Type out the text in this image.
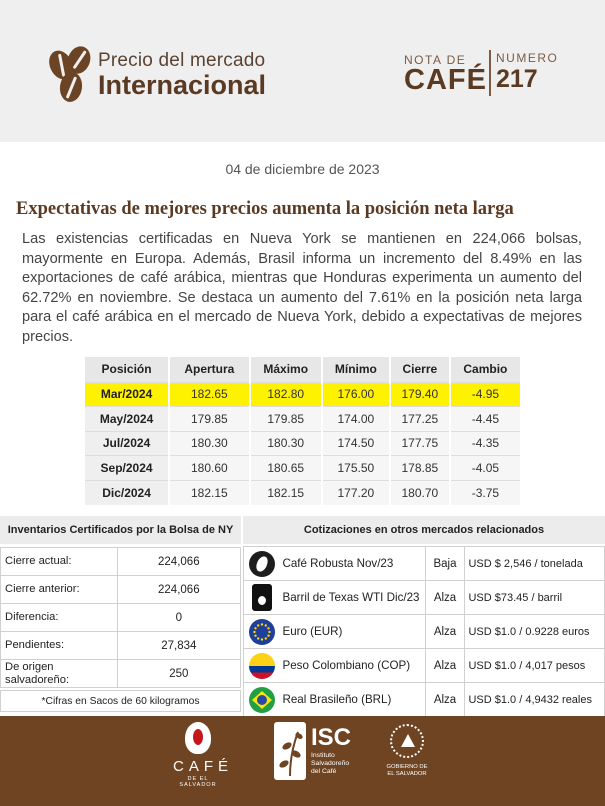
Precio del mercado
Internacional
NOTA DE
CAFÉ
NUMERO
217
04 de diciembre de 2023
Expectativas de mejores precios aumenta la posición neta larga
Las existencias certificadas en Nueva York se mantienen en 224,066 bolsas, mayormente en Europa. Además, Brasil informa un incremento del 8.49% en las exportaciones de café arábica, mientras que Honduras experimenta un aumento del 62.72% en noviembre. Se destaca un aumento del 7.61% en la posición neta larga para el café arábica en el mercado de Nueva York, debido a expectativas de mejores precios.
Posición	Apertura	Máximo	Mínimo	Cierre	Cambio
Mar/2024	182.65	182.80	176.00	179.40	-4.95
May/2024	179.85	179.85	174.00	177.25	-4.45
Jul/2024	180.30	180.30	174.50	177.75	-4.35
Sep/2024	180.60	180.65	175.50	178.85	-4.05
Dic/2024	182.15	182.15	177.20	180.70	-3.75
Inventarios Certificados por la Bolsa de NY
Cierre actual:	224,066
Cierre anterior:	224,066
Diferencia:	0
Pendientes:	27,834
De origen salvadoreño:	250
*Cifras en Sacos de 60 kilogramos
Cotizaciones en otros mercados relacionados
	Café Robusta Nov/23	Baja	USD $ 2,546 / tonelada

	Barril de Texas WTI Dic/23	Alza	USD $73.45 / barril

	Euro (EUR)	Alza	USD $1.0 / 0.9228 euros
	Peso Colombiano (COP)	Alza	USD $1.0 / 4,017 pesos

	Real Brasileño (BRL)	Alza	USD $1.0 / 4,9432 reales
CAFÉ
DE EL SALVADOR
ISC
Instituto
Salvadoreño
del Café
GOBIERNO DE
EL SALVADOR
